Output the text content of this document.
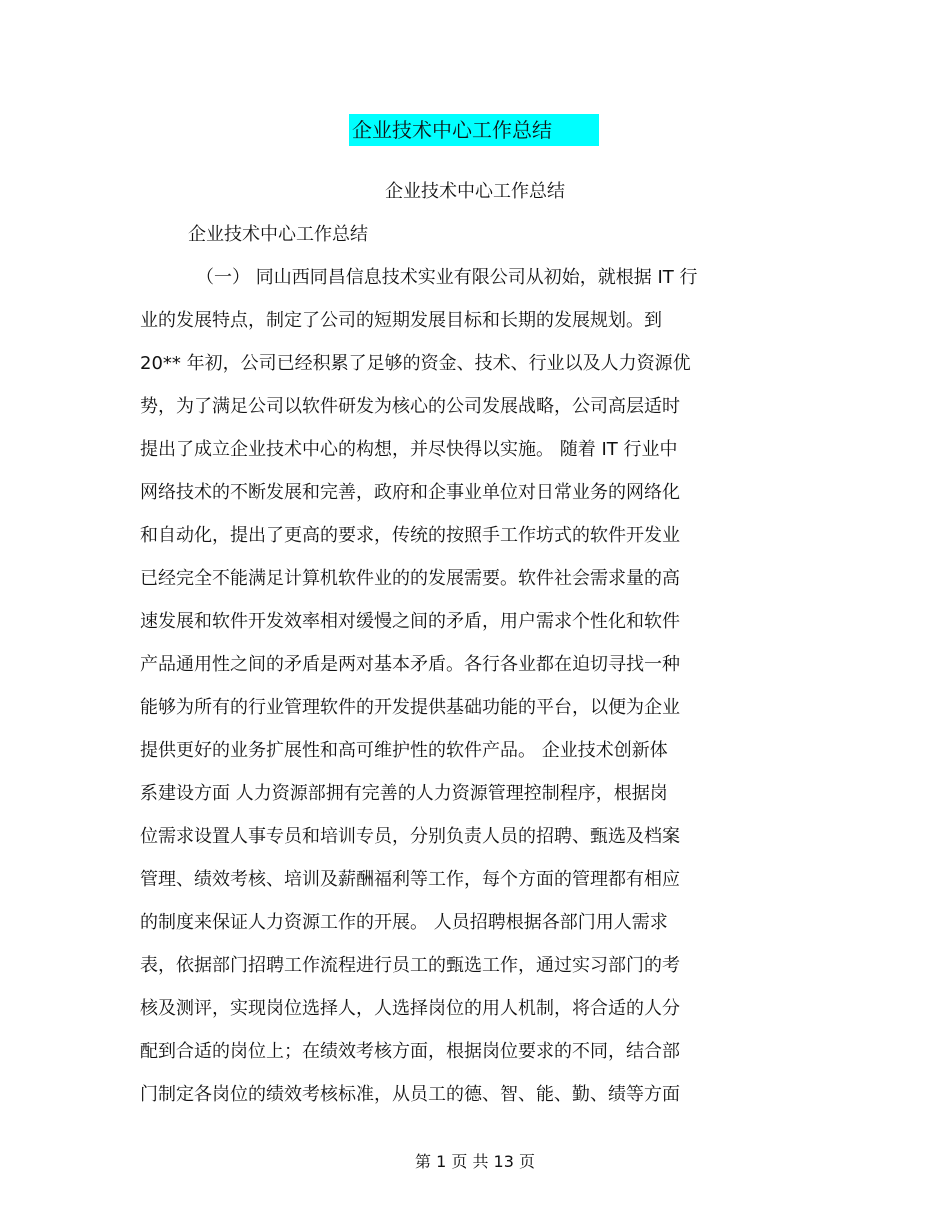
企业技术中心工作总结
企业技术中心工作总结
企业技术中心工作总结
（一） 同山西同昌信息技术实业有限公司从初始，就根据 IT 行
业的发展特点，制定了公司的短期发展目标和长期的发展规划。到
20** 年初，公司已经积累了足够的资金、技术、行业以及人力资源优
势，为了满足公司以软件研发为核心的公司发展战略，公司高层适时
提出了成立企业技术中心的构想，并尽快得以实施。 随着 IT 行业中
网络技术的不断发展和完善，政府和企事业单位对日常业务的网络化
和自动化，提出了更高的要求，传统的按照手工作坊式的软件开发业
已经完全不能满足计算机软件业的的发展需要。软件社会需求量的高
速发展和软件开发效率相对缓慢之间的矛盾，用户需求个性化和软件
产品通用性之间的矛盾是两对基本矛盾。各行各业都在迫切寻找一种
能够为所有的行业管理软件的开发提供基础功能的平台，以便为企业
提供更好的业务扩展性和高可维护性的软件产品。 企业技术创新体
系建设方面 人力资源部拥有完善的人力资源管理控制程序，根据岗
位需求设置人事专员和培训专员，分别负责人员的招聘、甄选及档案
管理、绩效考核、培训及薪酬福利等工作，每个方面的管理都有相应
的制度来保证人力资源工作的开展。 人员招聘根据各部门用人需求
表，依据部门招聘工作流程进行员工的甄选工作，通过实习部门的考
核及测评，实现岗位选择人，人选择岗位的用人机制，将合适的人分
配到合适的岗位上；在绩效考核方面，根据岗位要求的不同，结合部
门制定各岗位的绩效考核标准，从员工的德、智、能、勤、绩等方面
第 1 页 共 13 页
